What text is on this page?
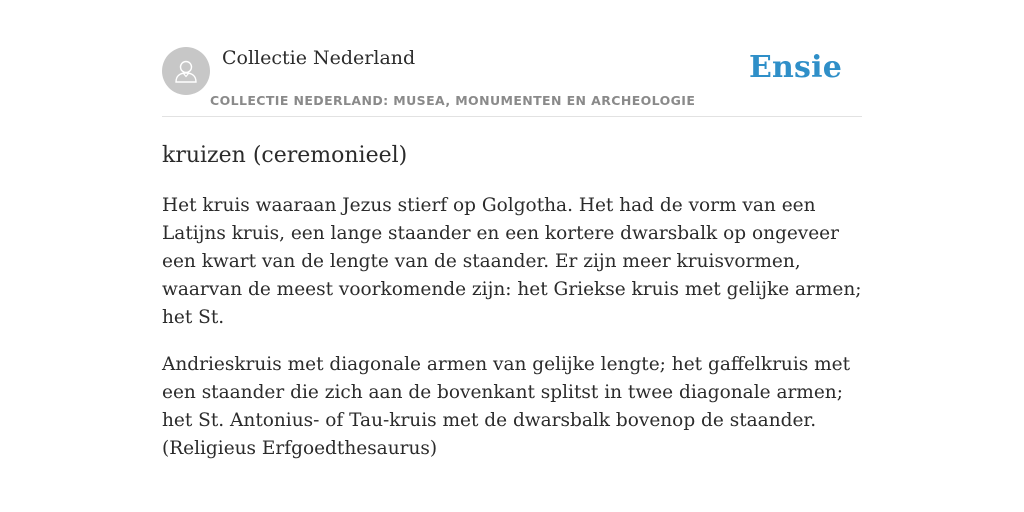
Collectie Nederland
COLLECTIE NEDERLAND: MUSEA, MONUMENTEN EN ARCHEOLOGIE
Ensie
kruizen (ceremonieel)

Het kruis waaraan Jezus stierf op Golgotha. Het had de vorm van een Latijns kruis, een lange staander en een kortere dwarsbalk op ongeveer een kwart van de lengte van de staander. Er zijn meer kruisvormen, waarvan de meest voorkomende zijn: het Griekse kruis met gelijke armen; het St.

Andrieskruis met diagonale armen van gelijke lengte; het gaffelkruis met een staander die zich aan de bovenkant splitst in twee diagonale armen; het St. Antonius- of Tau-kruis met de dwarsbalk bovenop de staander. (Religieus Erfgoedthesaurus)
